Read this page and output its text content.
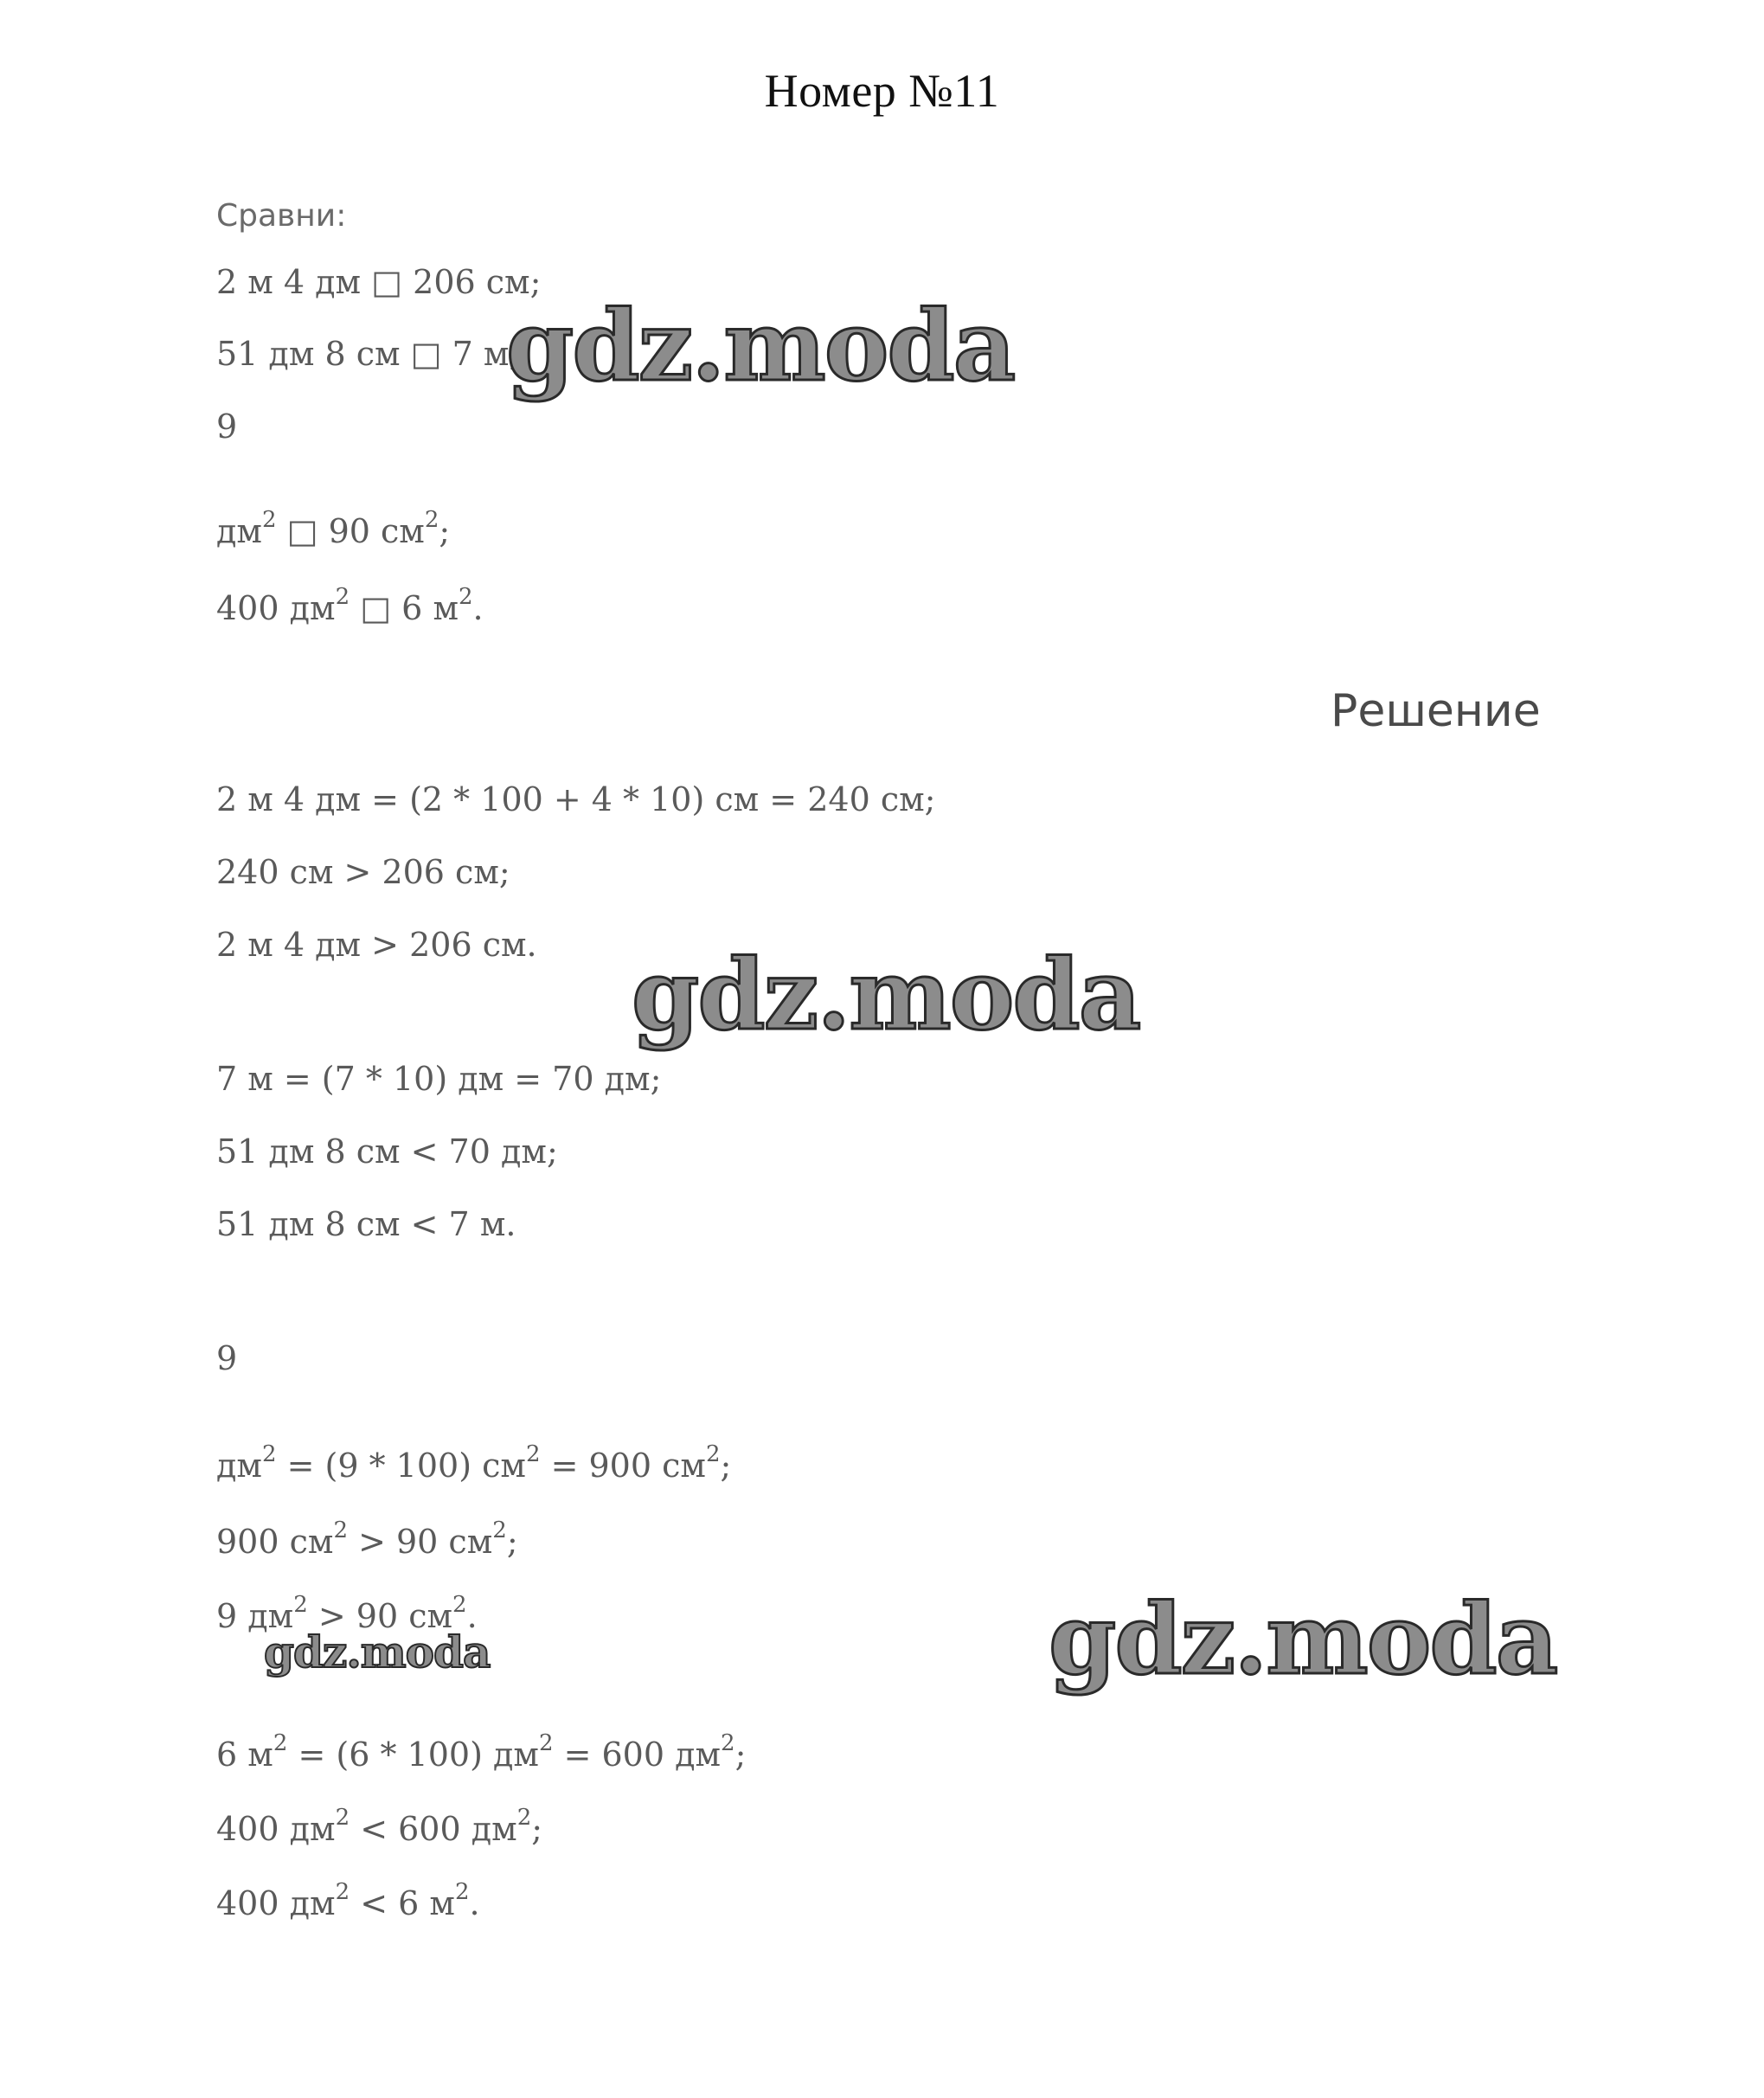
Номер №11
Сравни:
2 м 4 дм □ 206 см;
51 дм 8 см □ 7 м;
9
$дм^2$ □ 90 $см^2$;
400 $дм^2$ □ 6 $м^2$.
Решение
2 м 4 дм = (2 * 100 + 4 * 10) см = 240 см;
240 см > 206 см;
2 м 4 дм > 206 см.
7 м = (7 * 10) дм = 70 дм;
51 дм 8 см < 70 дм;
51 дм 8 см < 7 м.
9
$дм^2 = (9 * 100) см^2 = 900$ $см^2$;
900 $см^2 > 90$ $см^2$;
9 $дм^2 > 90$ $см^2$.
6 $м^2 = (6 * 100) дм^2 = 600$ $дм^2$;
400 $дм^2 < 600$ $дм^2$;
400 $дм^2 < 6$ $м^2$.
gdz.moda
gdz.moda
gdz.moda	gdz.moda
